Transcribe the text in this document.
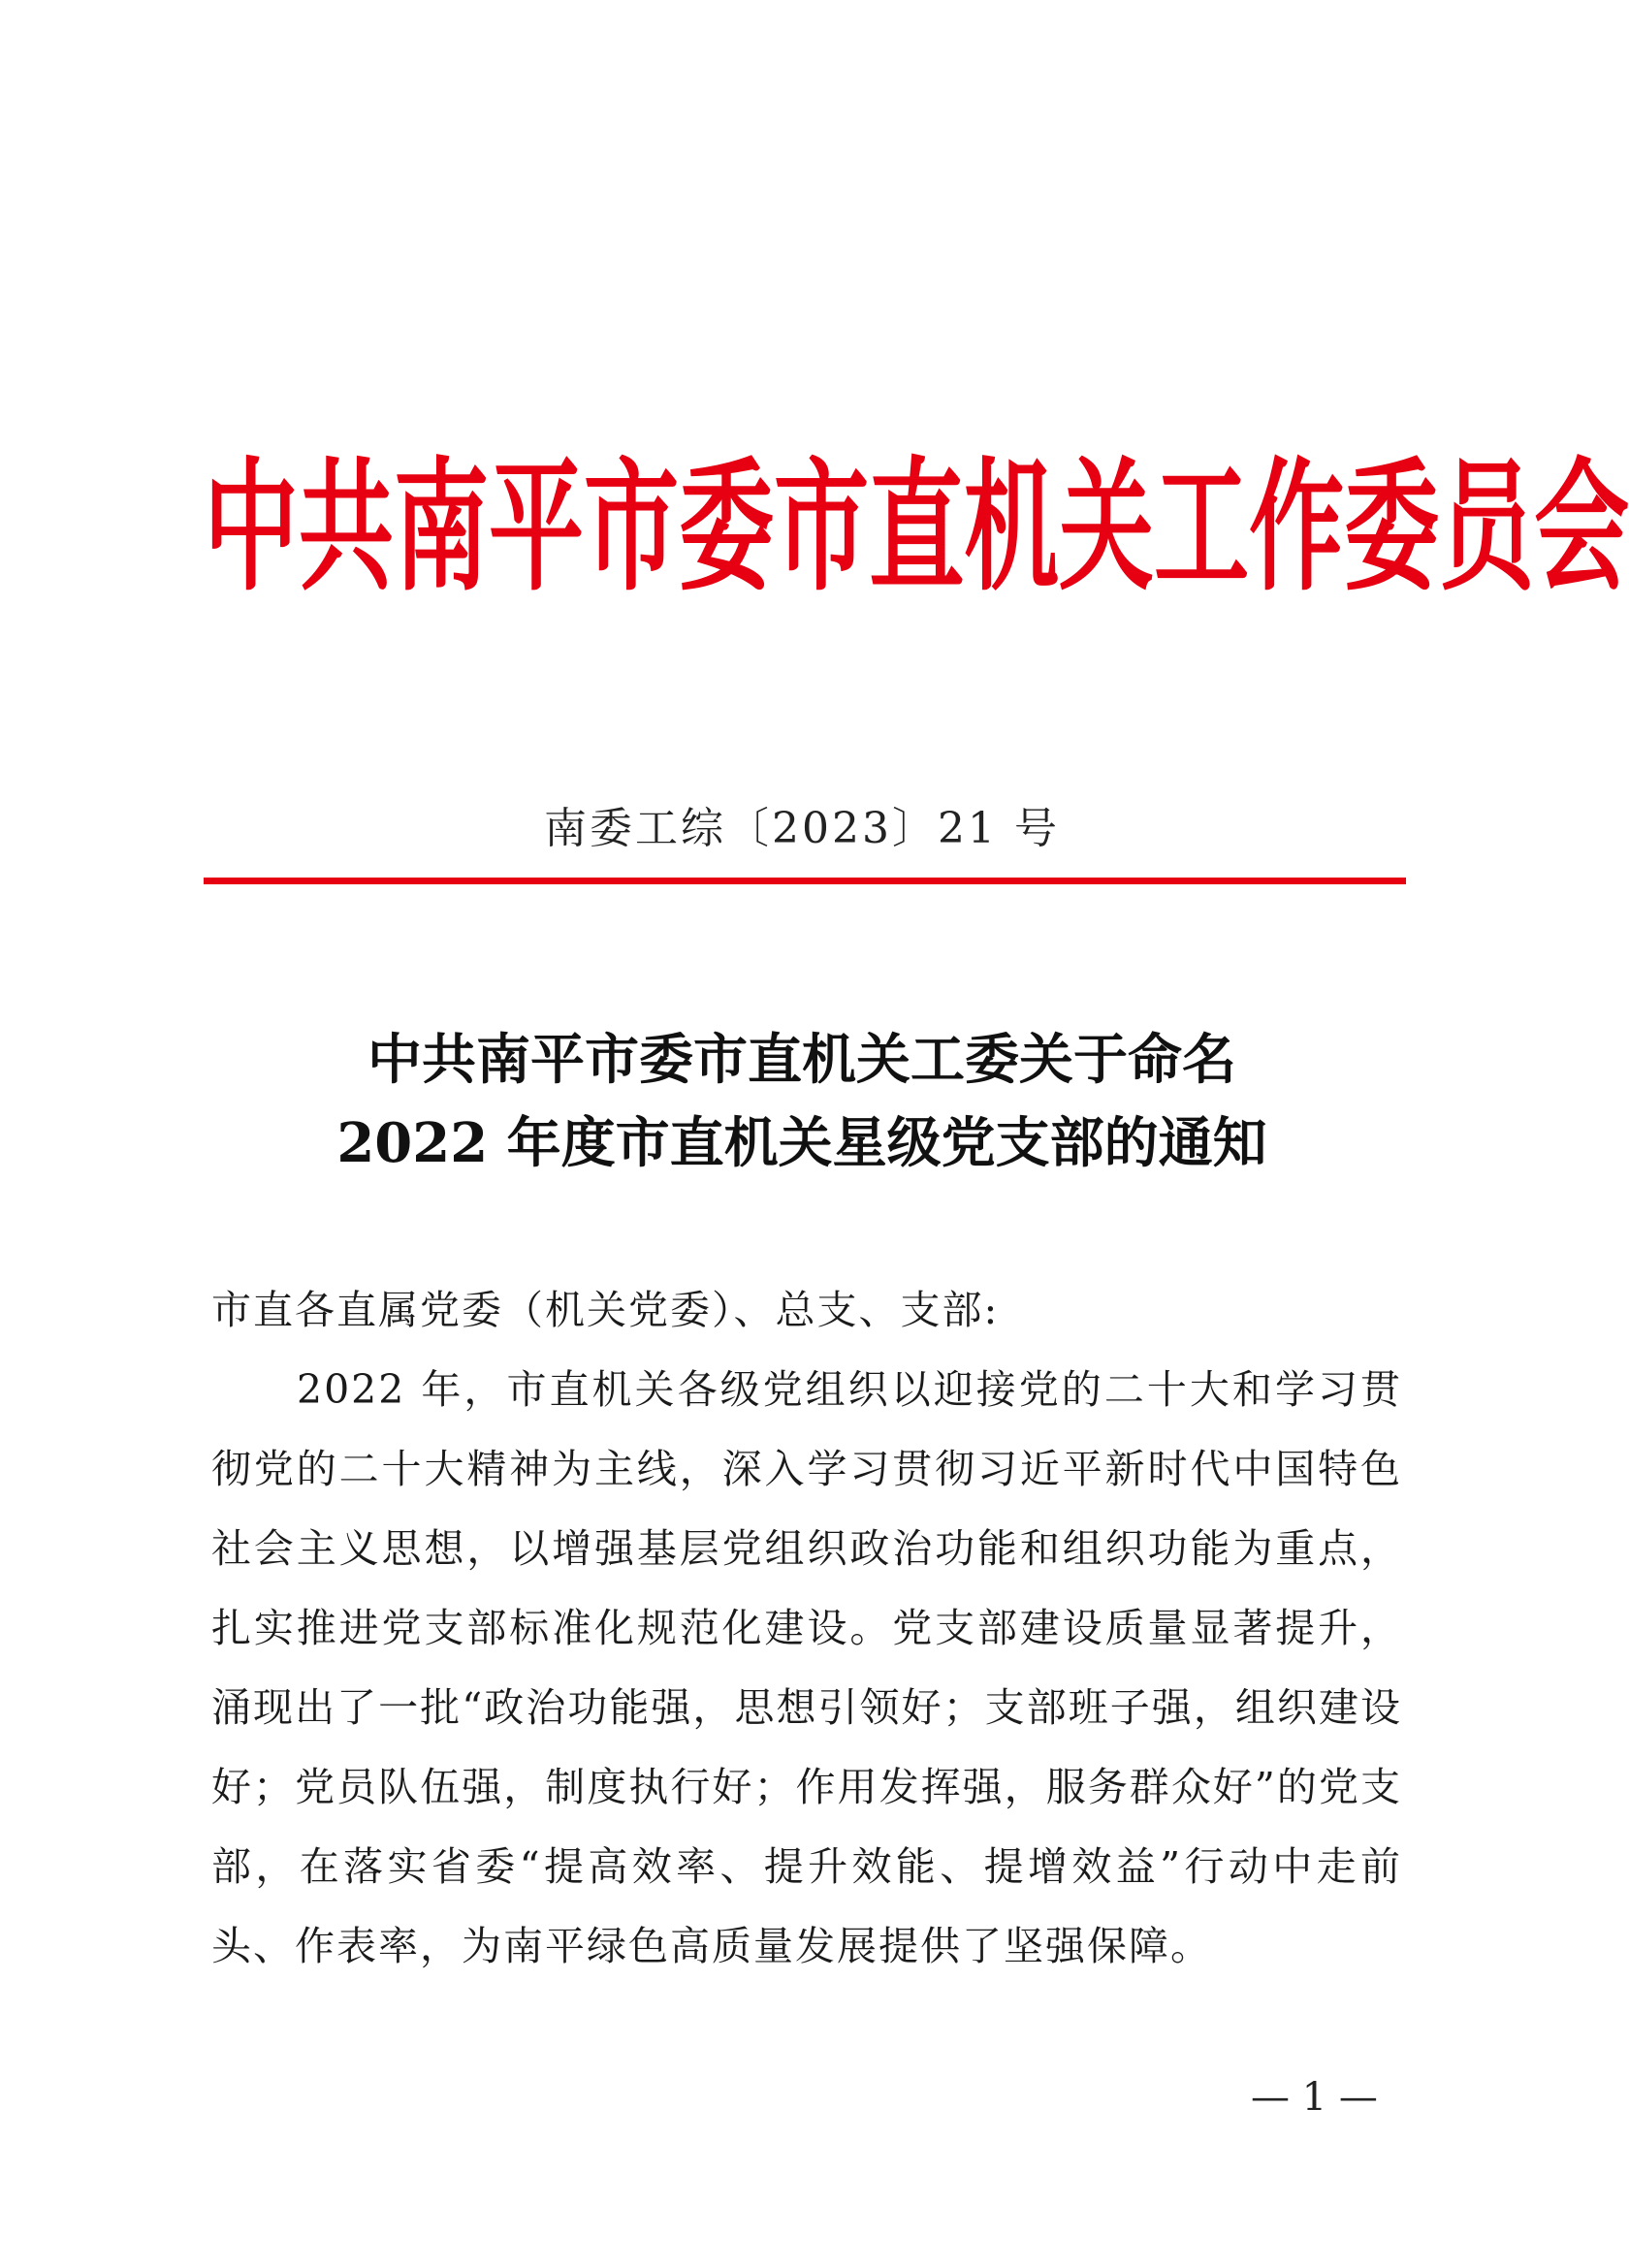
中 共 南 平 市 委 市 直 机 关 工 作 委 员 会
南委工综〔2023〕21 号
中共南平市委市直机关工委关于命名
2022 年度市直机关星级党支部的通知

市直各直属党委（机关党委）、总支、支部:

2022 年，市直机关各级党组织以迎接党的二十大和学习贯彻党的二十大精神为主线，深入学习贯彻习近平新时代中国特色社会主义思想，以增强基层党组织政治功能和组织功能为重点，扎实推进党支部标准化规范化建设。党支部建设质量显著提升，涌现出了一批“政治功能强，思想引领好；支部班子强，组织建设好；党员队伍强，制度执行好；作用发挥强，服务群众好”的党支部，在落实省委“提高效率、提升效能、提增效益”行动中走前头、作表率，为南平绿色高质量发展提供了坚强保障。

— 1 —
